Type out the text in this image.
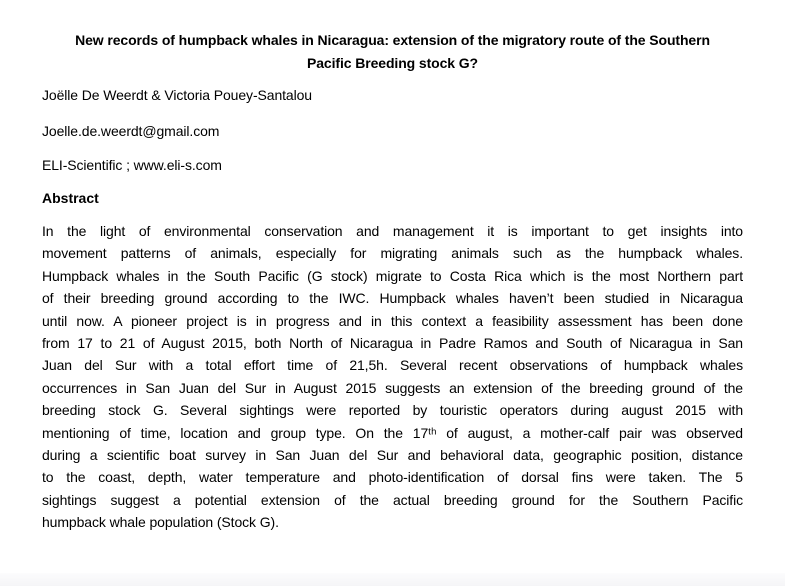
New records of humpback whales in Nicaragua: extension of the migratory route of the Southern
Pacific Breeding stock G?
Joëlle De Weerdt & Victoria Pouey-Santalou
Joelle.de.weerdt@gmail.com
ELI-Scientific ; www.eli-s.com
Abstract
In the light of environmental conservation and management it is important to get insights into
movement patterns of animals, especially for migrating animals such as the humpback whales.
Humpback whales in the South Pacific (G stock) migrate to Costa Rica which is the most Northern part
of their breeding ground according to the IWC. Humpback whales haven’t been studied in Nicaragua
until now. A pioneer project is in progress and in this context a feasibility assessment has been done
from 17 to 21 of August 2015, both North of Nicaragua in Padre Ramos and South of Nicaragua in San
Juan del Sur with a total effort time of 21,5h. Several recent observations of humpback whales
occurrences in San Juan del Sur in August 2015 suggests an extension of the breeding ground of the
breeding stock G. Several sightings were reported by touristic operators during august 2015 with
mentioning of time, location and group type. On the 17ᵗʰ of august, a mother-calf pair was observed
during a scientific boat survey in San Juan del Sur and behavioral data, geographic position, distance
to the coast, depth, water temperature and photo-identification of dorsal fins were taken. The 5
sightings suggest a potential extension of the actual breeding ground for the Southern Pacific
humpback whale population (Stock G).
